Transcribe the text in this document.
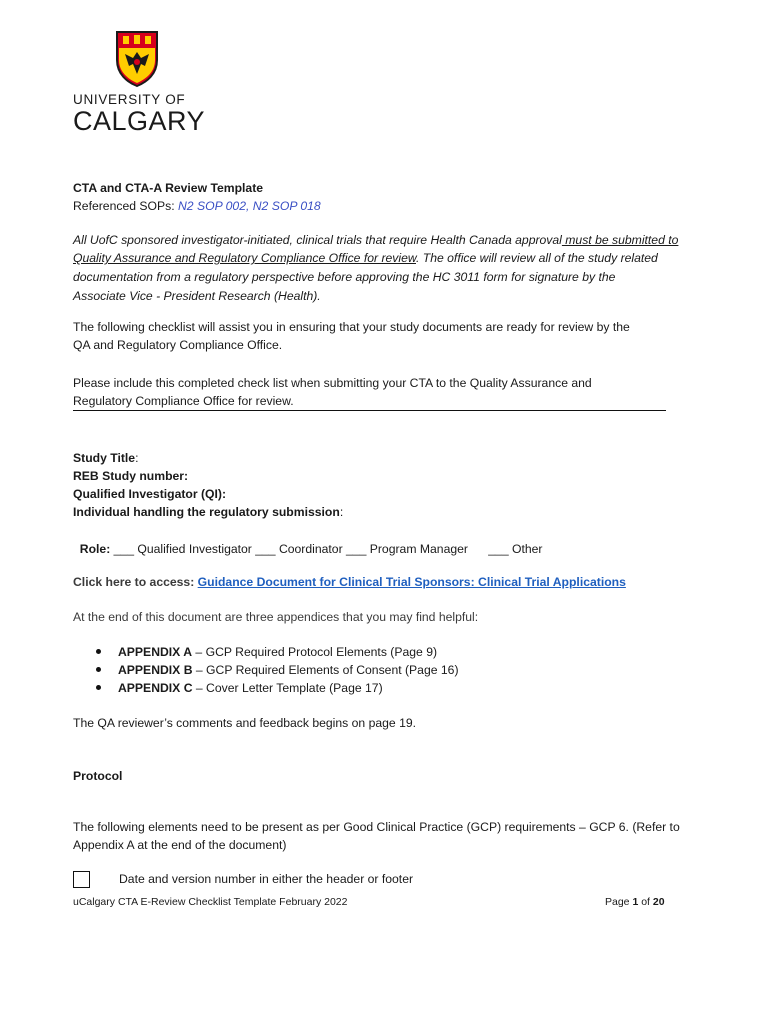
UNIVERSITY OF
CALGARY
CTA and CTA-A Review Template
Referenced SOPs: N2 SOP 002, N2 SOP 018
All UofC sponsored investigator-initiated, clinical trials that require Health Canada approval must be submitted to
Quality Assurance and Regulatory Compliance Office for review. The office will review all of the study related
documentation from a regulatory perspective before approving the HC 3011 form for signature by the
Associate Vice - President Research (Health).
The following checklist will assist you in ensuring that your study documents are ready for review by the
QA and Regulatory Compliance Office.
Please include this completed check list when submitting your CTA to the Quality Assurance and
Regulatory Compliance Office for review.
Study Title:
REB Study number:
Qualified Investigator (QI):
Individual handling the regulatory submission:

Role: ___ Qualified Investigator ___ Coordinator ___ Program Manager      ___ Other

Click here to access: Guidance Document for Clinical Trial Sponsors: Clinical Trial Applications
At the end of this document are three appendices that you may find helpful:
APPENDIX A – GCP Required Protocol Elements (Page 9)
APPENDIX B – GCP Required Elements of Consent (Page 16)
APPENDIX C – Cover Letter Template (Page 17)
The QA reviewer’s comments and feedback begins on page 19.
Protocol
The following elements need to be present as per Good Clinical Practice (GCP) requirements – GCP 6. (Refer to
Appendix A at the end of the document)
Date and version number in either the header or footer
uCalgary CTA E-Review Checklist Template February 2022	Page 1 of 20
